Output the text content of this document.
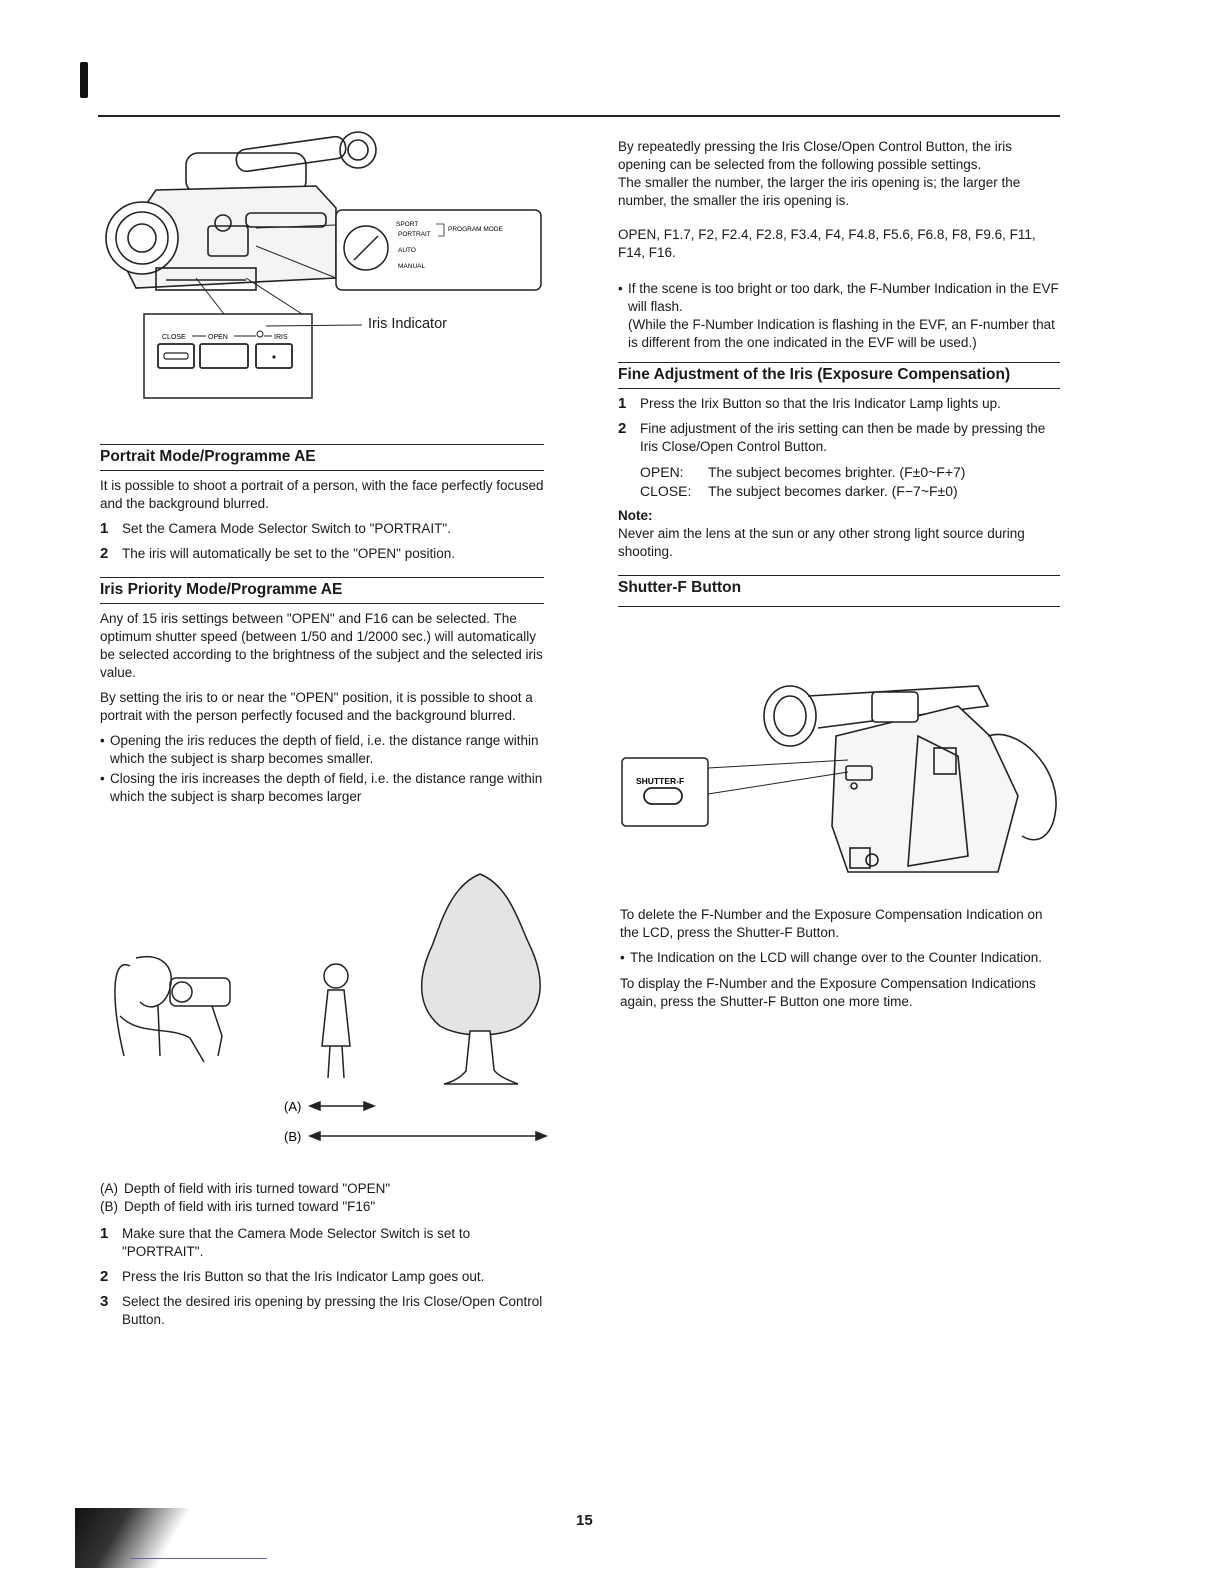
SPORT
PORTRAIT
PROGRAM MODE
AUTO
MANUAL
CLOSE	OPEN	IRIS
Iris Indicator
Portrait Mode/Programme AE

It is possible to shoot a portrait of a person, with the face perfectly focused and the background blurred.

1 Set the Camera Mode Selector Switch to "PORTRAIT".
2 The iris will automatically be set to the "OPEN" position.
Iris Priority Mode/Programme AE

Any of 15 iris settings between "OPEN" and F16 can be selected. The optimum shutter speed (between 1/50 and 1/2000 sec.) will automatically be selected according to the brightness of the subject and the selected iris value.

By setting the iris to or near the "OPEN" position, it is possible to shoot a portrait with the person perfectly focused and the background blurred.

• Opening the iris reduces the depth of field, i.e. the distance range within which the subject is sharp becomes smaller.
• Closing the iris increases the depth of field, i.e. the distance range within which the subject is sharp becomes larger
(A)
(B)
(A) Depth of field with iris turned toward "OPEN"
(B) Depth of field with iris turned toward "F16"
1 Make sure that the Camera Mode Selector Switch is set to "PORTRAIT".
2 Press the Iris Button so that the Iris Indicator Lamp goes out.
3 Select the desired iris opening by pressing the Iris Close/Open Control Button.

By repeatedly pressing the Iris Close/Open Control Button, the iris opening can be selected from the following possible settings.

The smaller the number, the larger the iris opening is; the larger the number, the smaller the iris opening is.

OPEN, F1.7, F2, F2.4, F2.8, F3.4, F4, F4.8, F5.6, F6.8, F8, F9.6, F11, F14, F16.

• If the scene is too bright or too dark, the F-Number Indication in the EVF will flash.

(While the F-Number Indication is flashing in the EVF, an F-number that is different from the one indicated in the EVF will be used.)

Fine Adjustment of the Iris (Exposure Compensation)
1 Press the Irix Button so that the Iris Indicator Lamp lights up.
2 Fine adjustment of the iris setting can then be made by pressing the Iris Close/Open Control Button.
OPEN:	The subject becomes brighter. (F±0~F+7)
CLOSE:	The subject becomes darker. (F−7~F±0)
Note:

Never aim the lens at the sun or any other strong light source during shooting.

Shutter-F Button
SHUTTER-F

To delete the F-Number and the Exposure Compensation Indication on the LCD, press the Shutter-F Button.

• The Indication on the LCD will change over to the Counter Indication.

To display the F-Number and the Exposure Compensation Indications again, press the Shutter-F Button one more time.

15
